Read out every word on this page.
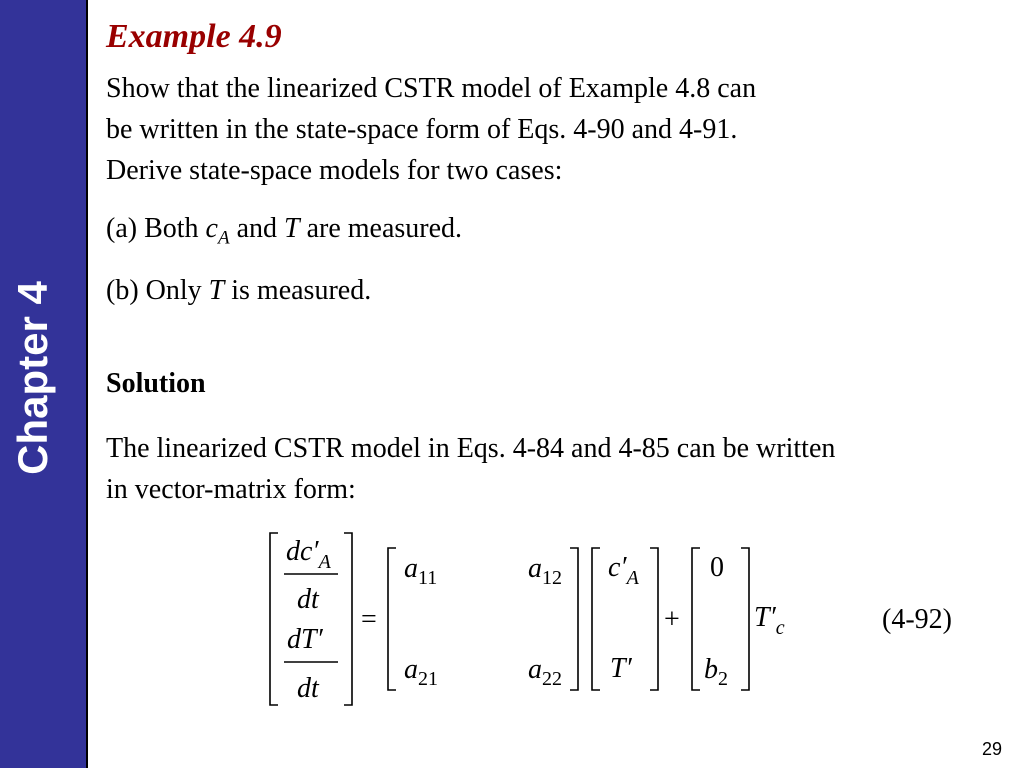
Chapter 4
Example 4.9
Show that the linearized CSTR model of Example 4.8 can
be written in the state-space form of Eqs. 4-90 and 4-91.
Derive state-space models for two cases:
(a) Both $c_A$ and T are measured.
(b) Only T is measured.
Solution
The linearized CSTR model in Eqs. 4-84 and 4-85 can be written
in vector-matrix form:
$dc'_A$
dt
dT′
dt
=
$a_{11}$	$a_{12}$
$a_{21}$	$a_{22}$
$c'_A$
T′
+
0
$b_2$
$T'_c$	(4-92)
29
